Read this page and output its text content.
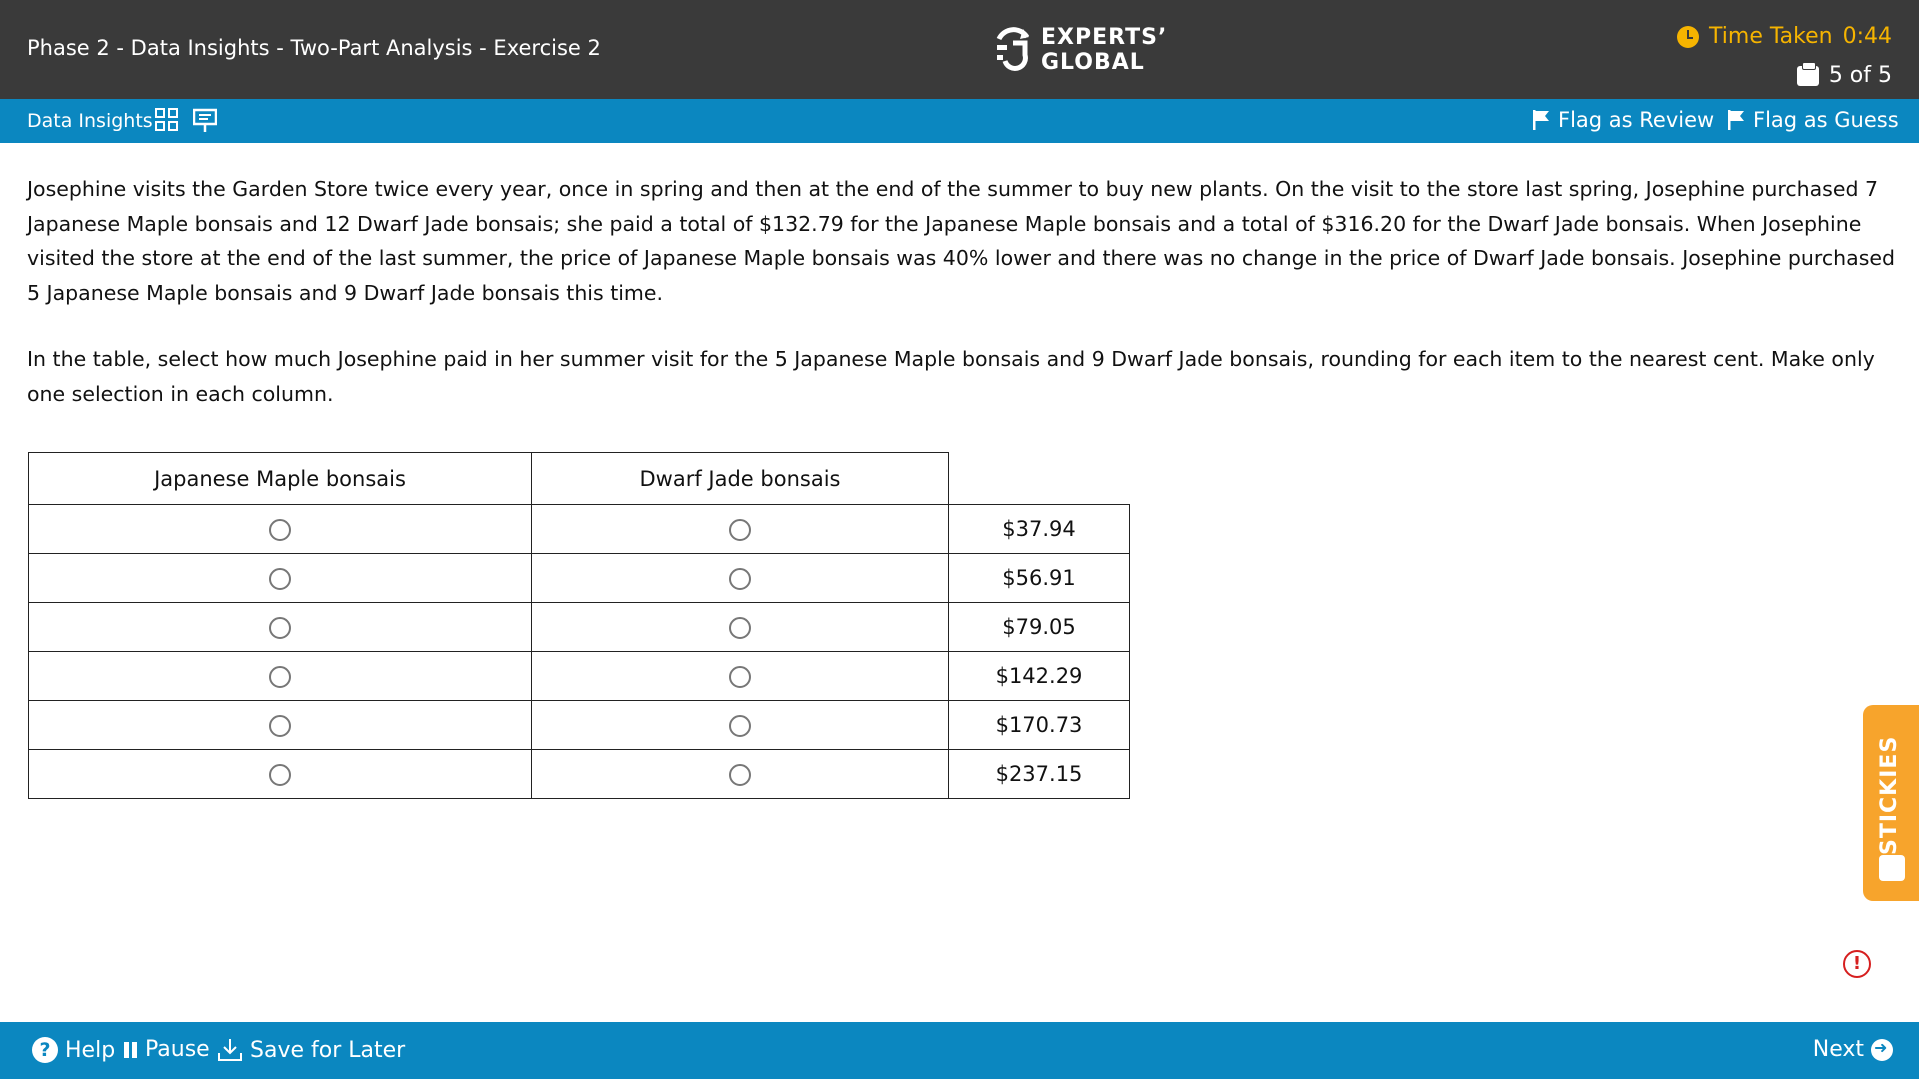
Phase 2 - Data Insights - Two-Part Analysis - Exercise 2	EXPERTS’
GLOBAL
Time Taken 0:44
5 of 5
Data Insights	Flag as Review Flag as Guess
Josephine visits the Garden Store twice every year, once in spring and then at the end of the summer to buy new plants. On the visit to the store last spring, Josephine purchased 7 Japanese Maple bonsais and 12 Dwarf Jade bonsais; she paid a total of $132.79 for the Japanese Maple bonsais and a total of $316.20 for the Dwarf Jade bonsais. When Josephine visited the store at the end of the last summer, the price of Japanese Maple bonsais was 40% lower and there was no change in the price of Dwarf Jade bonsais. Josephine purchased 5 Japanese Maple bonsais and 9 Dwarf Jade bonsais this time.
In the table, select how much Josephine paid in her summer visit for the 5 Japanese Maple bonsais and 9 Dwarf Jade bonsais, rounding for each item to the nearest cent. Make only one selection in each column.
Japanese Maple bonsais	Dwarf Jade bonsais	
		$37.94
		$56.91
		$79.05
		$142.29
		$170.73
		$237.15	STICKIES
!
? Help Pause Save for Later	Next
➜
